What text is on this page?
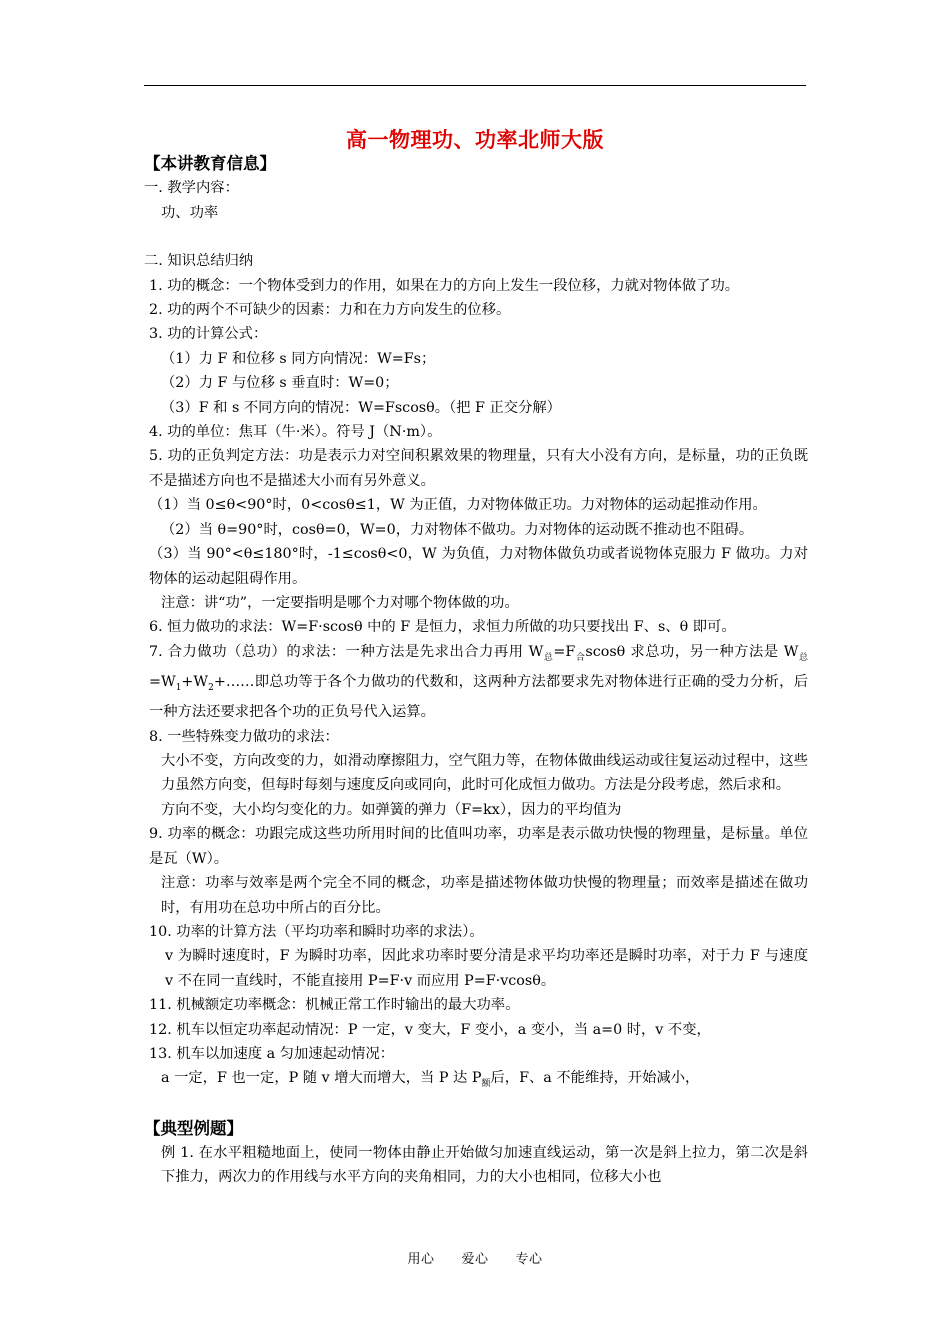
高一物理功、功率北师大版
【本讲教育信息】

一. 教学内容：

功、功率

二. 知识总结归纳

1. 功的概念：一个物体受到力的作用，如果在力的方向上发生一段位移，力就对物体做了功。

2. 功的两个不可缺少的因素：力和在力方向发生的位移。

3. 功的计算公式：

（1）力 F 和位移 s 同方向情况：W=Fs；

（2）力 F 与位移 s 垂直时：W=0；

（3）F 和 s 不同方向的情况：W=Fscosθ。（把 F 正交分解）

4. 功的单位：焦耳（牛·米）。符号 J（N·m）。

5. 功的正负判定方法：功是表示力对空间积累效果的物理量，只有大小没有方向，是标量，功的正负既不是描述方向也不是描述大小而有另外意义。

（1）当 0≤θ<90°时，0<cosθ≤1，W 为正值，力对物体做正功。力对物体的运动起推动作用。

（2）当 θ=90°时，cosθ=0，W=0，力对物体不做功。力对物体的运动既不推动也不阻碍。

（3）当 90°<θ≤180°时，-1≤cosθ<0，W 为负值，力对物体做负功或者说物体克服力 F 做功。力对物体的运动起阻碍作用。

注意：讲“功”，一定要指明是哪个力对哪个物体做的功。

6. 恒力做功的求法：W=F·scosθ 中的 F 是恒力，求恒力所做的功只要找出 F、s、θ 即可。

7. 合力做功（总功）的求法：一种方法是先求出合力再用 $W_总=F_合scos\theta$ 求总功，另一种方法是 $W_总=W_1+W_2+\dots\dots$即总功等于各个力做功的代数和，这两种方法都要求先对物体进行正确的受力分析，后一种方法还要求把各个功的正负号代入运算。

8. 一些特殊变力做功的求法：

大小不变，方向改变的力，如滑动摩擦阻力，空气阻力等，在物体做曲线运动或往复运动过程中，这些力虽然方向变，但每时每刻与速度反向或同向，此时可化成恒力做功。方法是分段考虑，然后求和。

方向不变，大小均匀变化的力。如弹簧的弹力（F=kx），因力的平均值为

9. 功率的概念：功跟完成这些功所用时间的比值叫功率，功率是表示做功快慢的物理量，是标量。单位是瓦（W）。

注意：功率与效率是两个完全不同的概念，功率是描述物体做功快慢的物理量；而效率是描述在做功时，有用功在总功中所占的百分比。

10. 功率的计算方法（平均功率和瞬时功率的求法）。

v 为瞬时速度时，F 为瞬时功率，因此求功率时要分清是求平均功率还是瞬时功率，对于力 F 与速度 v 不在同一直线时，不能直接用 P=F·v 而应用 P=F·vcosθ。

11. 机械额定功率概念：机械正常工作时输出的最大功率。

12. 机车以恒定功率起动情况：P 一定，v 变大，F 变小，a 变小，当 a=0 时，v 不变，

13. 机车以加速度 a 匀加速起动情况：

a 一定，F 也一定，P 随 v 增大而增大，当 P 达 $P_额$后，F、a 不能维持，开始减小，

【典型例题】

例 1. 在水平粗糙地面上，使同一物体由静止开始做匀加速直线运动，第一次是斜上拉力，第二次是斜下推力，两次力的作用线与水平方向的夹角相同，力的大小也相同，位移大小也

用心　　爱心　　专心
